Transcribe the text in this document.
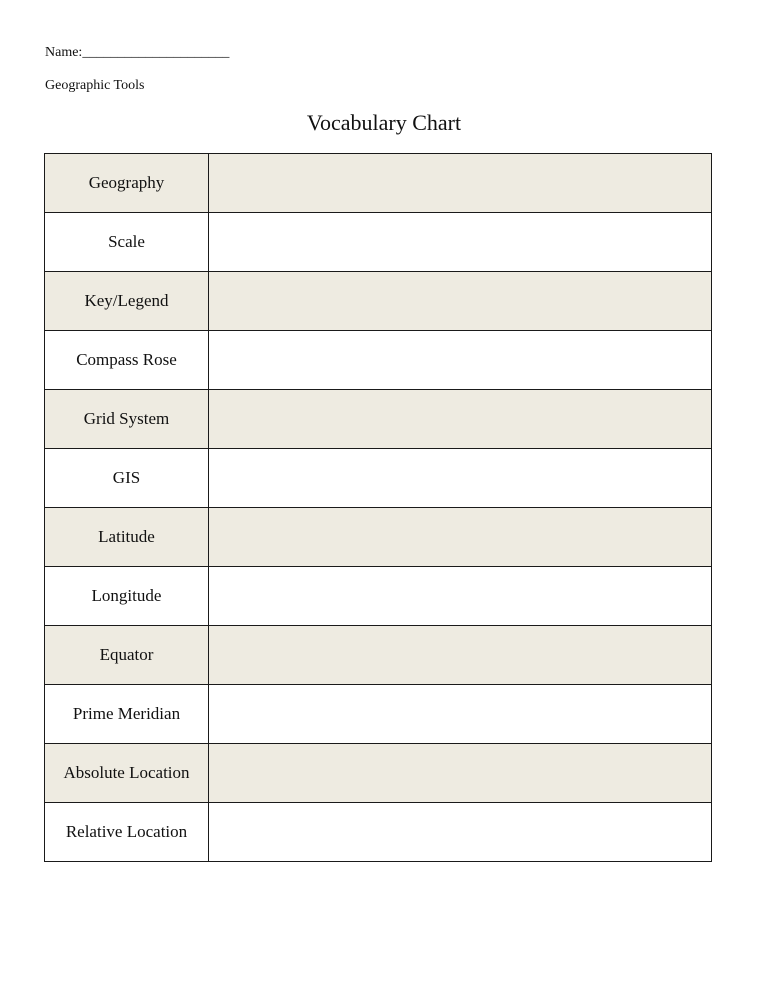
Name:_____________________
Geographic Tools
Vocabulary Chart
Geography	
Scale	
Key/Legend	
Compass Rose	
Grid System	
GIS	
Latitude	
Longitude	
Equator	
Prime Meridian	
Absolute Location	
Relative Location	
